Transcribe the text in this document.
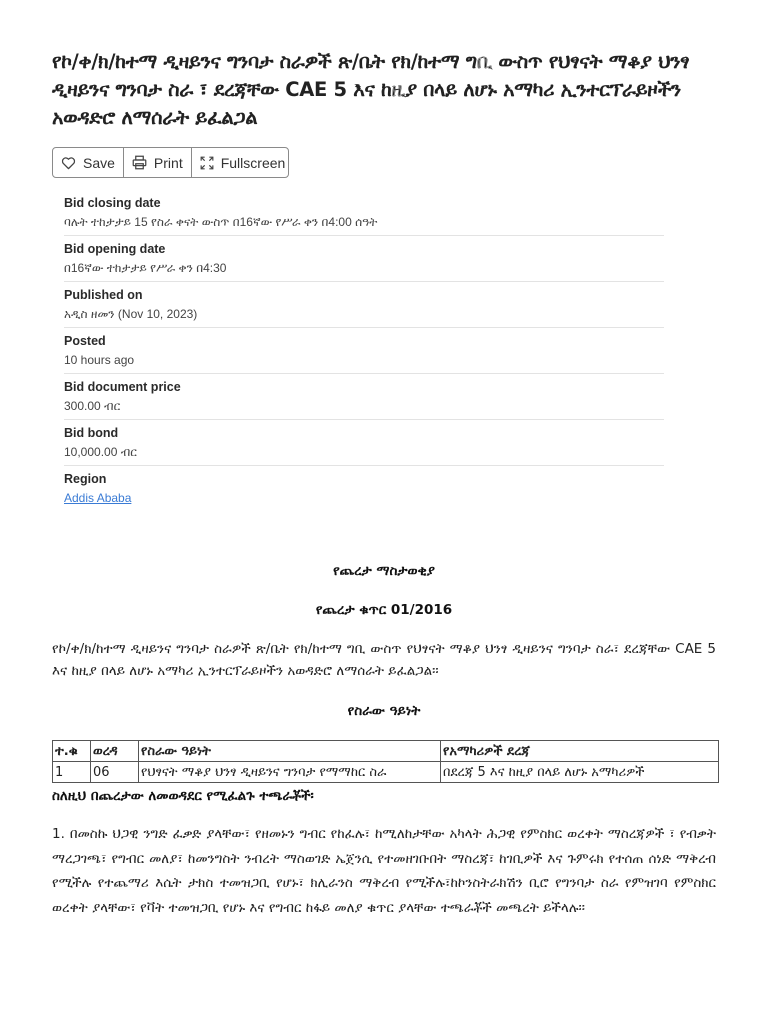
የኮ/ቀ/ክ/ከተማ ዲዛይንና ግንባታ ስራዎች ጽ/ቤት የክ/ከተማ ግቢ ውስጥ የህፃናት ማቆያ ህንፃ ዲዛይንና ግንባታ ስራ ፣ ደረጃቸው CAE 5 እና ከዚያ በላይ ለሆኑ አማካሪ ኢንተርፕራይዞችን አወዳድሮ ለማሰራት ይፈልጋል
Save	Print	Fullscreen
Bid closing date
ባሉት ተከታታይ 15 የስራ ቀናት ውስጥ በ16ኛው የሥራ ቀን በ4:00 ሰዓት
Bid opening date
በ16ኛው ተከታታይ የሥራ ቀን በ4:30
Published on
አዲስ ዘመን (Nov 10, 2023)
Posted
10 hours ago
Bid document price
300.00 ብር
Bid bond
10,000.00 ብር
Region
Addis Ababa
የጨረታ ማስታወቂያ
የጨረታ ቁጥር 01/2016
የኮ/ቀ/ክ/ከተማ ዲዛይንና ግንባታ ስራዎች ጽ/ቤት የክ/ከተማ ግቢ ውስጥ የህፃናት ማቆያ ህንፃ ዲዛይንና ግንባታ ስራ፣ ደረጃቸው CAE 5 እና ከዚያ በላይ ለሆኑ አማካሪ ኢንተርፕራይዞችን አወዳድሮ ለማሰራት ይፈልጋል፡፡
የስራው ዓይነት
ተ.ቁ	ወረዳ	የስራው ዓይነት	የአማካሪዎች ደረጃ
1	06	የህፃናት ማቆያ ህንፃ ዲዛይንና ግንባታ የማማከር ስራ	በደረጃ 5 እና ከዚያ በላይ ለሆኑ አማካሪዎች
ስለዚህ በጨረታው ለመወዳደር የሚፈልጉ ተጫራቾች፡
1. በመስኩ ህጋዊ ንግድ ፈቃድ ያላቸው፣ የዘመኑን ግብር የከፈሉ፣ ከሚለከታቸው አካላት ሕጋዊ የምስክር ወረቀት ማስረጃዎች ፣ የብቃት ማረጋገጫ፣ የግብር መለያ፣ ከመንግስት ንብረት ማስወገድ ኤጀንሲ የተመዘገቡበት ማስረጃ፣ ከገቢዎች እና ጉምሩክ የተሰጠ ሰነድ ማቅረብ የሚችሉ የተጨማሪ እሴት ታክስ ተመዝጋቢ የሆኑ፣ ክሊራንስ ማቅረብ የሚችሉ፣ከኮንስትራክሽን ቢሮ የግንባታ ስራ የምዝገባ የምስክር ወረቀት ያላቸው፣ የቫት ተመዝጋቢ የሆኑ እና የግብር ከፋይ መለያ ቁጥር ያላቸው ተጫራቾች መጫረት ይችላሉ፡፡
